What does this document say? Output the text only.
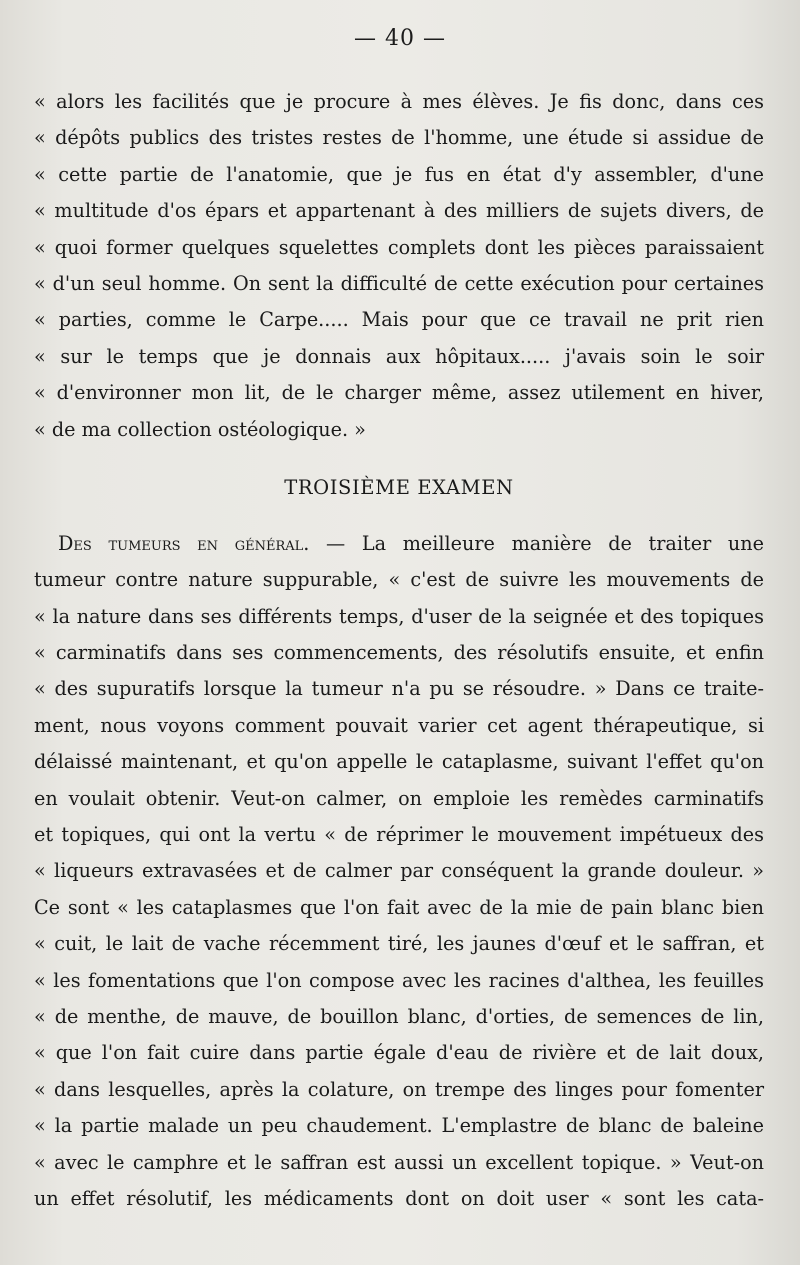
— 40 —
« alors les facilités que je procure à mes élèves. Je fis donc, dans ces
« dépôts publics des tristes restes de l'homme, une étude si assidue de
« cette partie de l'anatomie, que je fus en état d'y assembler, d'une
« multitude d'os épars et appartenant à des milliers de sujets divers, de
« quoi former quelques squelettes complets dont les pièces paraissaient
« d'un seul homme. On sent la difficulté de cette exécution pour certaines
« parties, comme le Carpe..... Mais pour que ce travail ne prit rien
« sur le temps que je donnais aux hôpitaux..... j'avais soin le soir
« d'environner mon lit, de le charger même, assez utilement en hiver,
« de ma collection ostéologique. »
TROISIÈME EXAMEN
Des tumeurs en général. — La meilleure manière de traiter une
tumeur contre nature suppurable, « c'est de suivre les mouvements de
« la nature dans ses différents temps, d'user de la seignée et des topiques
« carminatifs dans ses commencements, des résolutifs ensuite, et enfin
« des supuratifs lorsque la tumeur n'a pu se résoudre. » Dans ce traite-
ment, nous voyons comment pouvait varier cet agent thérapeutique, si
délaissé maintenant, et qu'on appelle le cataplasme, suivant l'effet qu'on
en voulait obtenir. Veut-on calmer, on emploie les remèdes carminatifs
et topiques, qui ont la vertu « de réprimer le mouvement impétueux des
« liqueurs extravasées et de calmer par conséquent la grande douleur. »
Ce sont « les cataplasmes que l'on fait avec de la mie de pain blanc bien
« cuit, le lait de vache récemment tiré, les jaunes d'œuf et le saffran, et
« les fomentations que l'on compose avec les racines d'althea, les feuilles
« de menthe, de mauve, de bouillon blanc, d'orties, de semences de lin,
« que l'on fait cuire dans partie égale d'eau de rivière et de lait doux,
« dans lesquelles, après la colature, on trempe des linges pour fomenter
« la partie malade un peu chaudement. L'emplastre de blanc de baleine
« avec le camphre et le saffran est aussi un excellent topique. » Veut-on
un effet résolutif, les médicaments dont on doit user « sont les cata-
